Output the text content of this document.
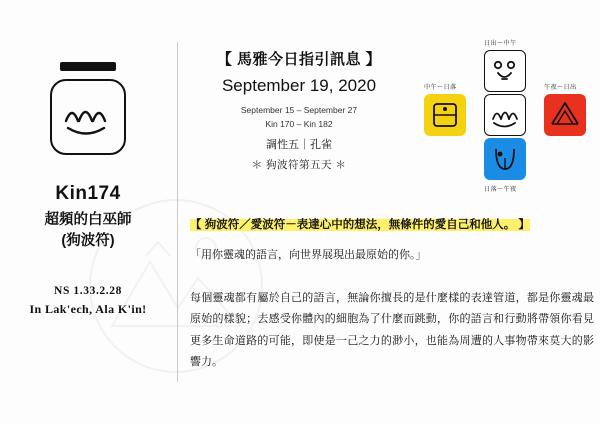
Kin174
超頻的白巫師
(狗波符)
NS 1.33.2.28
In Lak'ech, Ala K'in!
【 馬雅今日指引訊息 】
September 19, 2020
September 15 – September 27
Kin 170 – Kin 182
調性五｜孔雀
＊ 狗波符第五天 ＊
日出～中午
中午～日落	午夜～日出
日落～午夜
【 狗波符／愛波符－表達心中的想法，無條件的愛自己和他人。 】
「用你靈魂的語言，向世界展現出最原始的你。」
每個靈魂都有屬於自己的語言，無論你擅長的是什麼樣的表達管道，都是你靈魂最原始的樣貌；去感受你體內的細胞為了什麼而跳動，你的語言和行動將帶領你看見更多生命道路的可能，即使是一己之力的渺小，也能為周遭的人事物帶來莫大的影響力。
